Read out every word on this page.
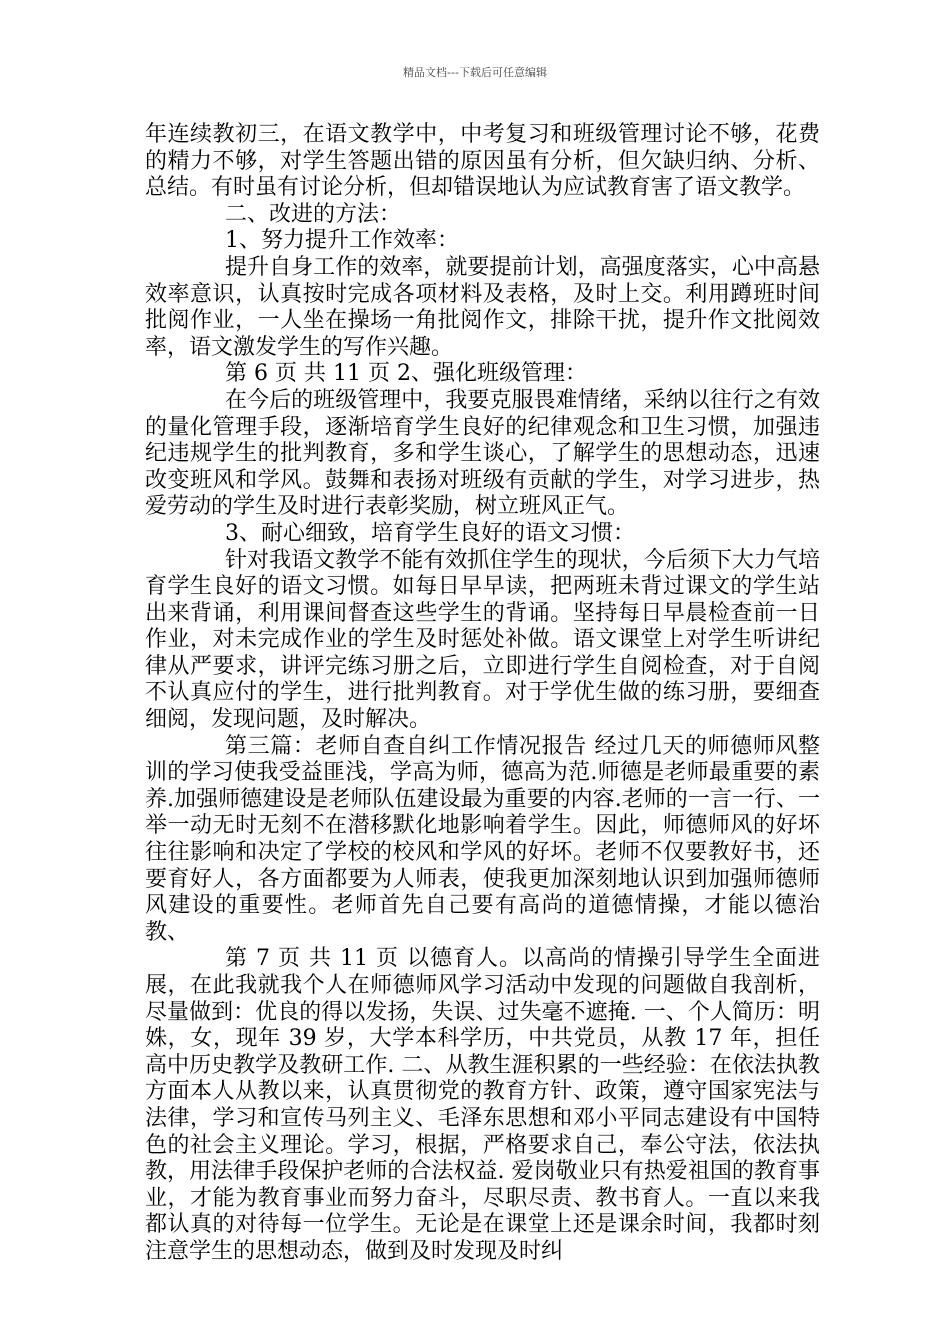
精品文档---下载后可任意编辑

年连续教初三，在语文教学中，中考复习和班级管理讨论不够，花费的精力不够，对学生答题出错的原因虽有分析，但欠缺归纳、分析、总结。有时虽有讨论分析，但却错误地认为应试教育害了语文教学。

二、改进的方法：

1、努力提升工作效率：

提升自身工作的效率，就要提前计划，高强度落实，心中高悬效率意识，认真按时完成各项材料及表格，及时上交。利用蹲班时间批阅作业，一人坐在操场一角批阅作文，排除干扰，提升作文批阅效率，语文激发学生的写作兴趣。

第 6 页 共 11 页 2、强化班级管理：

在今后的班级管理中，我要克服畏难情绪，采纳以往行之有效的量化管理手段，逐渐培育学生良好的纪律观念和卫生习惯，加强违纪违规学生的批判教育，多和学生谈心，了解学生的思想动态，迅速改变班风和学风。鼓舞和表扬对班级有贡献的学生，对学习进步，热爱劳动的学生及时进行表彰奖励，树立班风正气。

3、耐心细致，培育学生良好的语文习惯：

针对我语文教学不能有效抓住学生的现状，今后须下大力气培育学生良好的语文习惯。如每日早早读，把两班未背过课文的学生站出来背诵，利用课间督查这些学生的背诵。坚持每日早晨检查前一日作业，对未完成作业的学生及时惩处补做。语文课堂上对学生听讲纪律从严要求，讲评完练习册之后，立即进行学生自阅检查，对于自阅不认真应付的学生，进行批判教育。对于学优生做的练习册，要细查细阅，发现问题，及时解决。

第三篇：老师自查自纠工作情况报告 经过几天的师德师风整训的学习使我受益匪浅，学高为师，德高为范.师德是老师最重要的素养.加强师德建设是老师队伍建设最为重要的内容.老师的一言一行、一举一动无时无刻不在潜移默化地影响着学生。因此，师德师风的好坏往往影响和决定了学校的校风和学风的好坏。老师不仅要教好书，还要育好人，各方面都要为人师表，使我更加深刻地认识到加强师德师风建设的重要性。老师首先自己要有高尚的道德情操，才能以德治教、

第 7 页 共 11 页 以德育人。以高尚的情操引导学生全面进展，在此我就我个人在师德师风学习活动中发现的问题做自我剖析，尽量做到：优良的得以发扬，失误、过失毫不遮掩. 一、个人简历：明姝，女，现年 39 岁，大学本科学历，中共党员，从教 17 年，担任高中历史教学及教研工作. 二、从教生涯积累的一些经验：在依法执教方面本人从教以来，认真贯彻党的教育方针、政策，遵守国家宪法与法律，学习和宣传马列主义、毛泽东思想和邓小平同志建设有中国特色的社会主义理论。学习，根据，严格要求自己，奉公守法，依法执教，用法律手段保护老师的合法权益. 爱岗敬业只有热爱祖国的教育事业，才能为教育事业而努力奋斗，尽职尽责、教书育人。一直以来我都认真的对待每一位学生。无论是在课堂上还是课余时间，我都时刻注意学生的思想动态，做到及时发现及时纠
